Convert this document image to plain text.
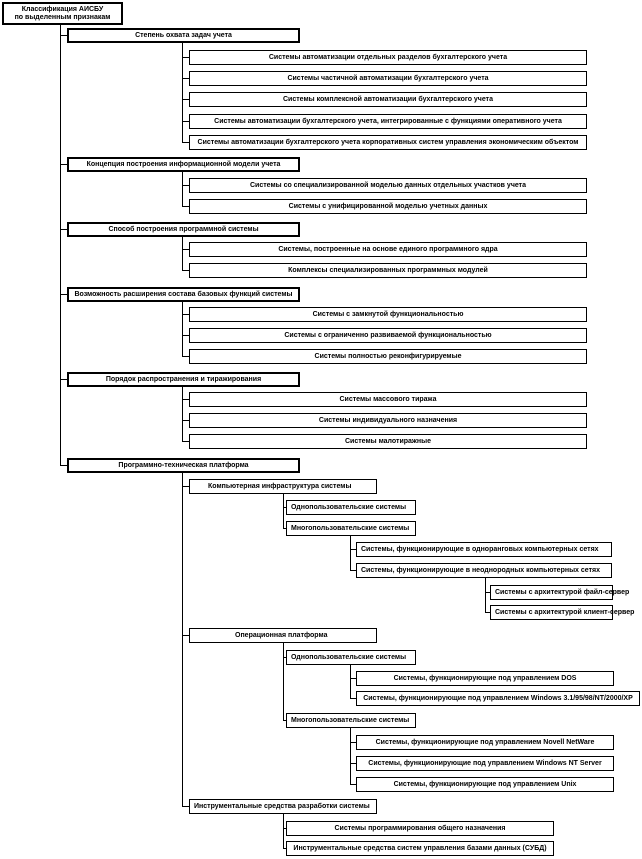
Классификация АИСБУ
по выделенным признакам
Степень охвата задач учета
Концепция построения информационной модели учета
Способ построения программной системы
Возможность расширения состава базовых функций системы
Порядок распространения и тиражирования
Программно-техническая платформа
Системы автоматизации отдельных разделов бухгалтерского учета
Системы частичной автоматизации бухгалтерского учета
Системы комплексной автоматизации бухгалтерского учета
Системы автоматизации бухгалтерского учета, интегрированные с функциями оперативного учета
Системы автоматизации бухгалтерского учета корпоративных систем управления экономическим объектом
Системы со специализированной моделью данных отдельных участков учета
Системы с унифицированной моделью учетных данных
Системы, построенные на основе единого программного ядра
Комплексы специализированных программных модулей
Системы с замкнутой функциональностью
Системы с ограниченно развиваемой функциональностью
Системы полностью реконфигурируемые
Системы массового тиража
Системы индивидуального назначения
Системы малотиражные
Компьютерная инфраструктура системы
Однопользовательские системы
Многопользовательские системы
Системы, функционирующие в одноранговых компьютерных сетях
Системы, функционирующие в неоднородных компьютерных сетях
Системы с архитектурой файл-сервер
Системы с архитектурой клиент-сервер
Операционная платформа
Однопользовательские системы
Системы, функционирующие под управлением DOS
Системы, функционирующие под управлением Windows 3.1/95/98/NT/2000/XP
Многопользовательские системы
Системы, функционирующие под управлением Novell NetWare
Системы, функционирующие под управлением Windows NT Server
Системы, функционирующие под управлением Unix
Инструментальные средства разработки системы
Системы программирования общего назначения
Инструментальные средства систем управления базами данных (СУБД)
